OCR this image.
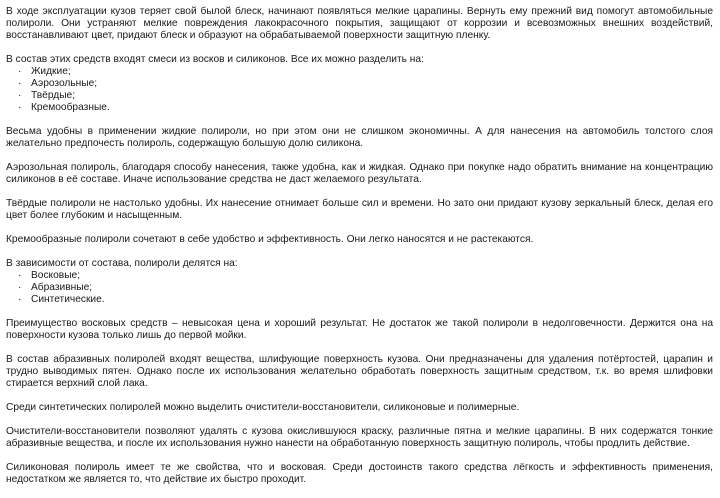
В ходе эксплуатации кузов теряет свой былой блеск, начинают появляться мелкие царапины. Вернуть ему прежний вид помогут автомобильные полироли. Они устраняют мелкие повреждения лакокрасочного покрытия, защищают от коррозии и всевозможных внешних воздействий, восстанавливают цвет, придают блеск и образуют на обрабатываемой поверхности защитную пленку.

В состав этих средств входят смеси из восков и силиконов. Все их можно разделить на:

· Жидкие;
· Аэрозольные;
· Твёрдые;
· Кремообразные.

Весьма удобны в применении жидкие полироли, но при этом они не слишком экономичны. А для нанесения на автомобиль толстого слоя желательно предпочесть полироль, содержащую большую долю силикона.

Аэрозольная полироль, благодаря способу нанесения, также удобна, как и жидкая. Однако при покупке надо обратить внимание на концентрацию силиконов в её составе. Иначе использование средства не даст желаемого результата.

Твёрдые полироли не настолько удобны. Их нанесение отнимает больше сил и времени. Но зато они придают кузову зеркальный блеск, делая его цвет более глубоким и насыщенным.

Кремообразные полироли сочетают в себе удобство и эффективность. Они легко наносятся и не растекаются.

В зависимости от состава, полироли делятся на:

· Восковые;
· Абразивные;
· Синтетические.

Преимущество восковых средств – невысокая цена и хороший результат. Не достаток же такой полироли в недолговечности. Держится она на поверхности кузова только лишь до первой мойки.

В состав абразивных полиролей входят вещества, шлифующие поверхность кузова. Они предназначены для удаления потёртостей, царапин и трудно выводимых пятен. Однако после их использования желательно обработать поверхность защитным средством, т.к. во время шлифовки стирается верхний слой лака.

Среди синтетических полиролей можно выделить очистители-восстановители, силиконовые и полимерные.

Очистители-восстановители позволяют удалять с кузова окислившуюся краску, различные пятна и мелкие царапины. В них содержатся тонкие абразивные вещества, и после их использования нужно нанести на обработанную поверхность защитную полироль, чтобы продлить действие.

Силиконовая полироль имеет те же свойства, что и восковая. Среди достоинств такого средства лёгкость и эффективность применения, недостатком же является то, что действие их быстро проходит.
